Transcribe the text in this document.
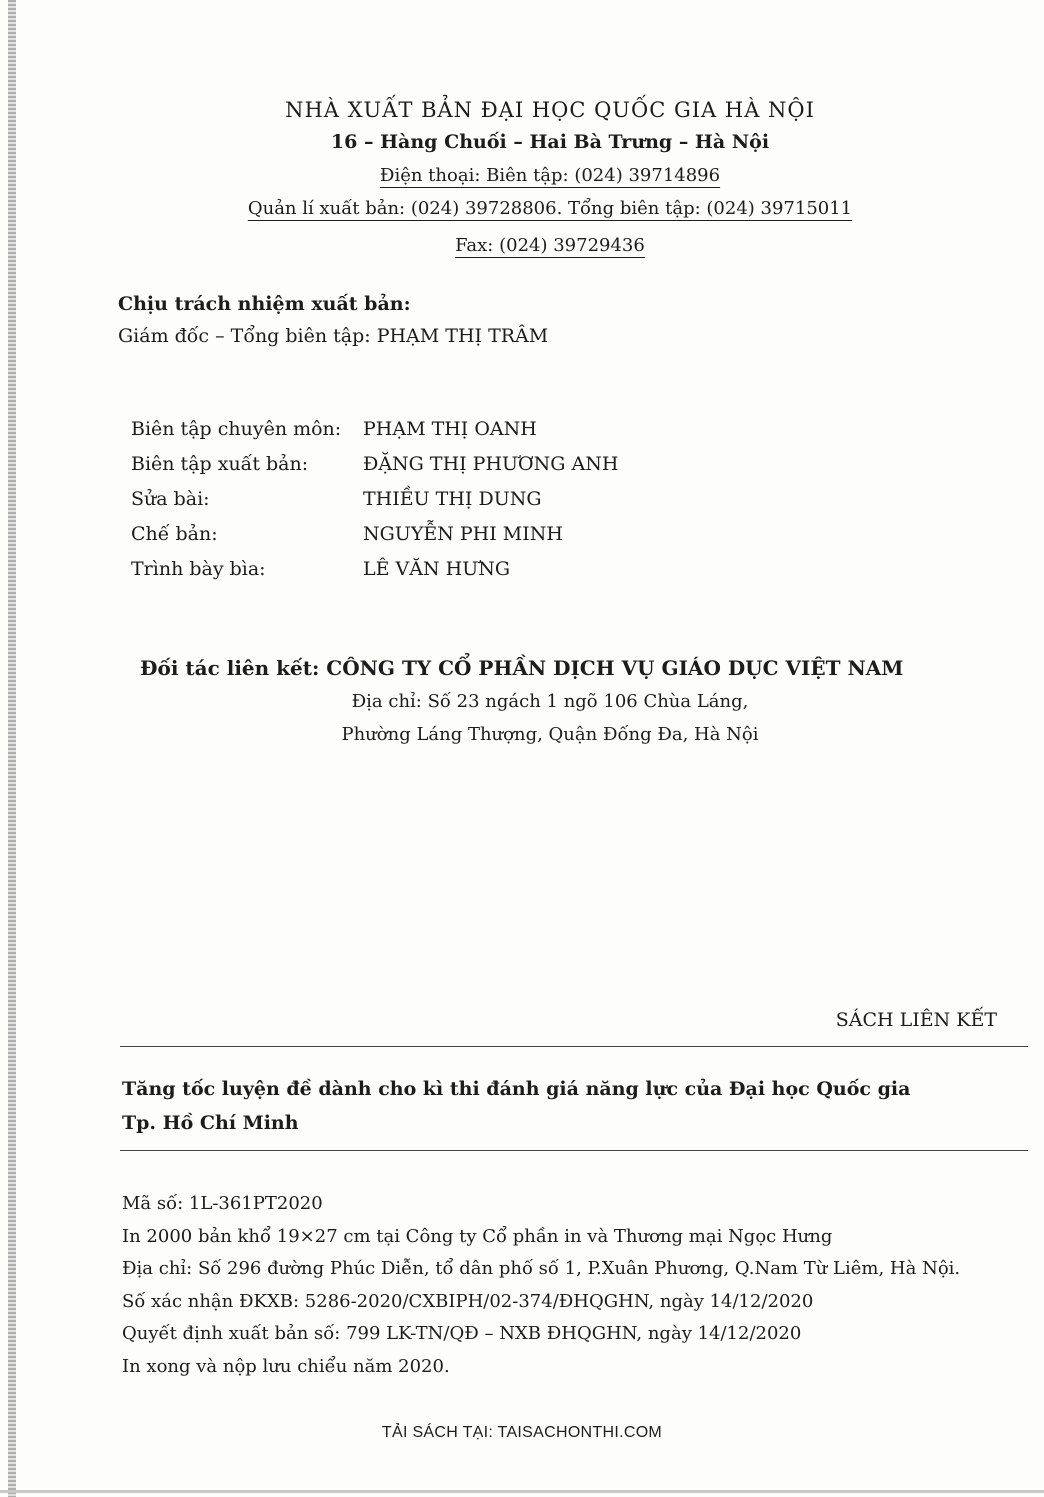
NHÀ XUẤT BẢN ĐẠI HỌC QUỐC GIA HÀ NỘI
16 – Hàng Chuối – Hai Bà Trưng – Hà Nội
Điện thoại: Biên tập: (024) 39714896
Quản lí xuất bản: (024) 39728806. Tổng biên tập: (024) 39715011
Fax: (024) 39729436
Chịu trách nhiệm xuất bản:
Giám đốc – Tổng biên tập: PHẠM THỊ TRÂM
Biên tập chuyên môn:	PHẠM THỊ OANH
Biên tập xuất bản:	ĐẶNG THỊ PHƯƠNG ANH
Sửa bài:	THIỀU THỊ DUNG
Chế bản:	NGUYỄN PHI MINH
Trình bày bìa:	LÊ VĂN HƯNG
Đối tác liên kết: CÔNG TY CỔ PHẦN DỊCH VỤ GIÁO DỤC VIỆT NAM
Địa chỉ: Số 23 ngách 1 ngõ 106 Chùa Láng,
Phường Láng Thượng, Quận Đống Đa, Hà Nội
SÁCH LIÊN KẾT
Tăng tốc luyện đề dành cho kì thi đánh giá năng lực của Đại học Quốc gia
Tp. Hồ Chí Minh
Mã số: 1L-361PT2020
In 2000 bản khổ 19×27 cm tại Công ty Cổ phần in và Thương mại Ngọc Hưng
Địa chỉ: Số 296 đường Phúc Diễn, tổ dân phố số 1, P.Xuân Phương, Q.Nam Từ Liêm, Hà Nội.
Số xác nhận ĐKXB: 5286-2020/CXBIPH/02-374/ĐHQGHN, ngày 14/12/2020
Quyết định xuất bản số: 799 LK-TN/QĐ – NXB ĐHQGHN, ngày 14/12/2020
In xong và nộp lưu chiểu năm 2020.
TẢI SÁCH TẠI: TAISACHONTHI.COM
